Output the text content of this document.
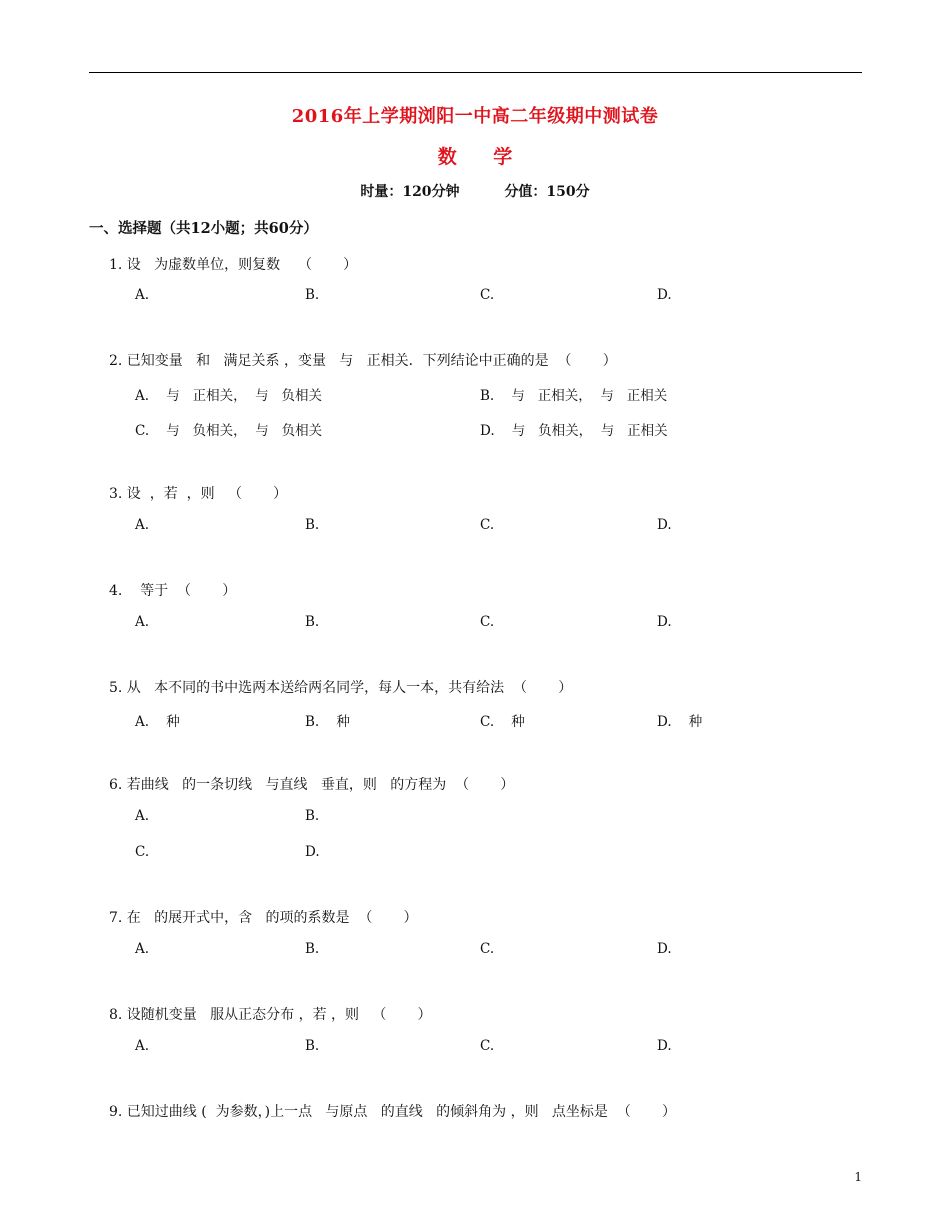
2016年上学期浏阳一中高二年级期中测试卷
数 学
时量：120分钟	分值：150分
一、选择题（共12小题；共60分）
1. 设   为虚数单位，则复数    （       ）
A.	B.	C.	D.
2. 已知变量   和   满足关系 ，变量   与   正相关．下列结论中正确的是  （       ）
A.    与   正相关，  与   负相关	B.    与   正相关，  与   正相关
C.    与   负相关，  与   负相关	D.    与   负相关，  与   正相关
3. 设  ，若  ，则   （       ）
A.	B.	C.	D.
4.    等于  （       ）
A.	B.	C.	D.
5. 从   本不同的书中选两本送给两名同学，每人一本，共有给法  （       ）
A.    种	B.    种	C.    种	D.    种
6. 若曲线   的一条切线   与直线   垂直，则   的方程为  （       ）
A.	B.
C.	D.
7. 在   的展开式中，含   的项的系数是  （       ）
A.	B.	C.	D.
8. 设随机变量   服从正态分布 ，若 ，则   （       ）
A.	B.	C.	D.
9. 已知过曲线 (  为参数，)上一点   与原点   的直线   的倾斜角为 ，则   点坐标是  （       ）
1
